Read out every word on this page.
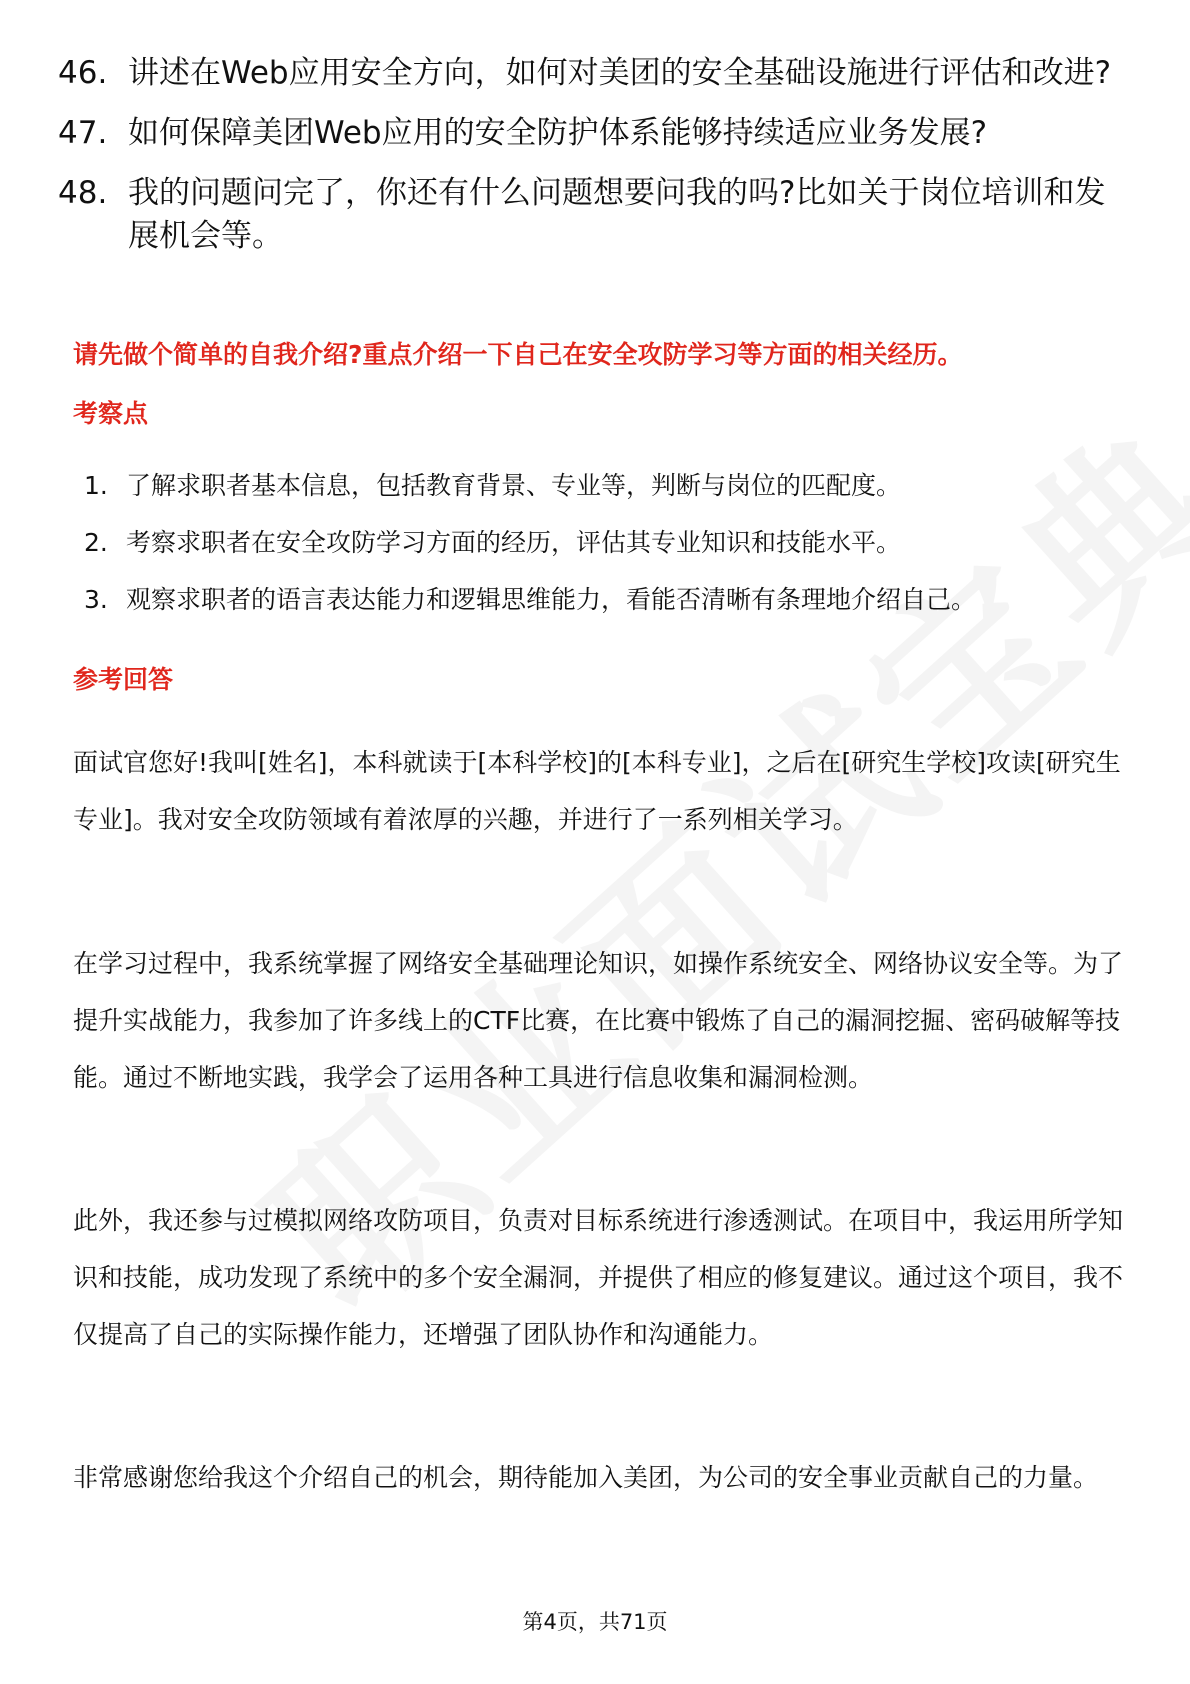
46. 讲述在Web应用安全方向，如何对美团的安全基础设施进行评估和改进?
47. 如何保障美团Web应用的安全防护体系能够持续适应业务发展?
48. 我的问题问完了，你还有什么问题想要问我的吗?比如关于岗位培训和发展机会等。
请先做个简单的自我介绍?重点介绍一下自己在安全攻防学习等方面的相关经历。
考察点
1. 了解求职者基本信息，包括教育背景、专业等，判断与岗位的匹配度。
2. 考察求职者在安全攻防学习方面的经历，评估其专业知识和技能水平。
3. 观察求职者的语言表达能力和逻辑思维能力，看能否清晰有条理地介绍自己。
参考回答

面试官您好!我叫[姓名]，本科就读于[本科学校]的[本科专业]，之后在[研究生学校]攻读[研究生专业]。我对安全攻防领域有着浓厚的兴趣，并进行了一系列相关学习。

在学习过程中，我系统掌握了网络安全基础理论知识，如操作系统安全、网络协议安全等。为了提升实战能力，我参加了许多线上的CTF比赛，在比赛中锻炼了自己的漏洞挖掘、密码破解等技能。通过不断地实践，我学会了运用各种工具进行信息收集和漏洞检测。

此外，我还参与过模拟网络攻防项目，负责对目标系统进行渗透测试。在项目中，我运用所学知识和技能，成功发现了系统中的多个安全漏洞，并提供了相应的修复建议。通过这个项目，我不仅提高了自己的实际操作能力，还增强了团队协作和沟通能力。

非常感谢您给我这个介绍自己的机会，期待能加入美团，为公司的安全事业贡献自己的力量。

第4页，共71页
